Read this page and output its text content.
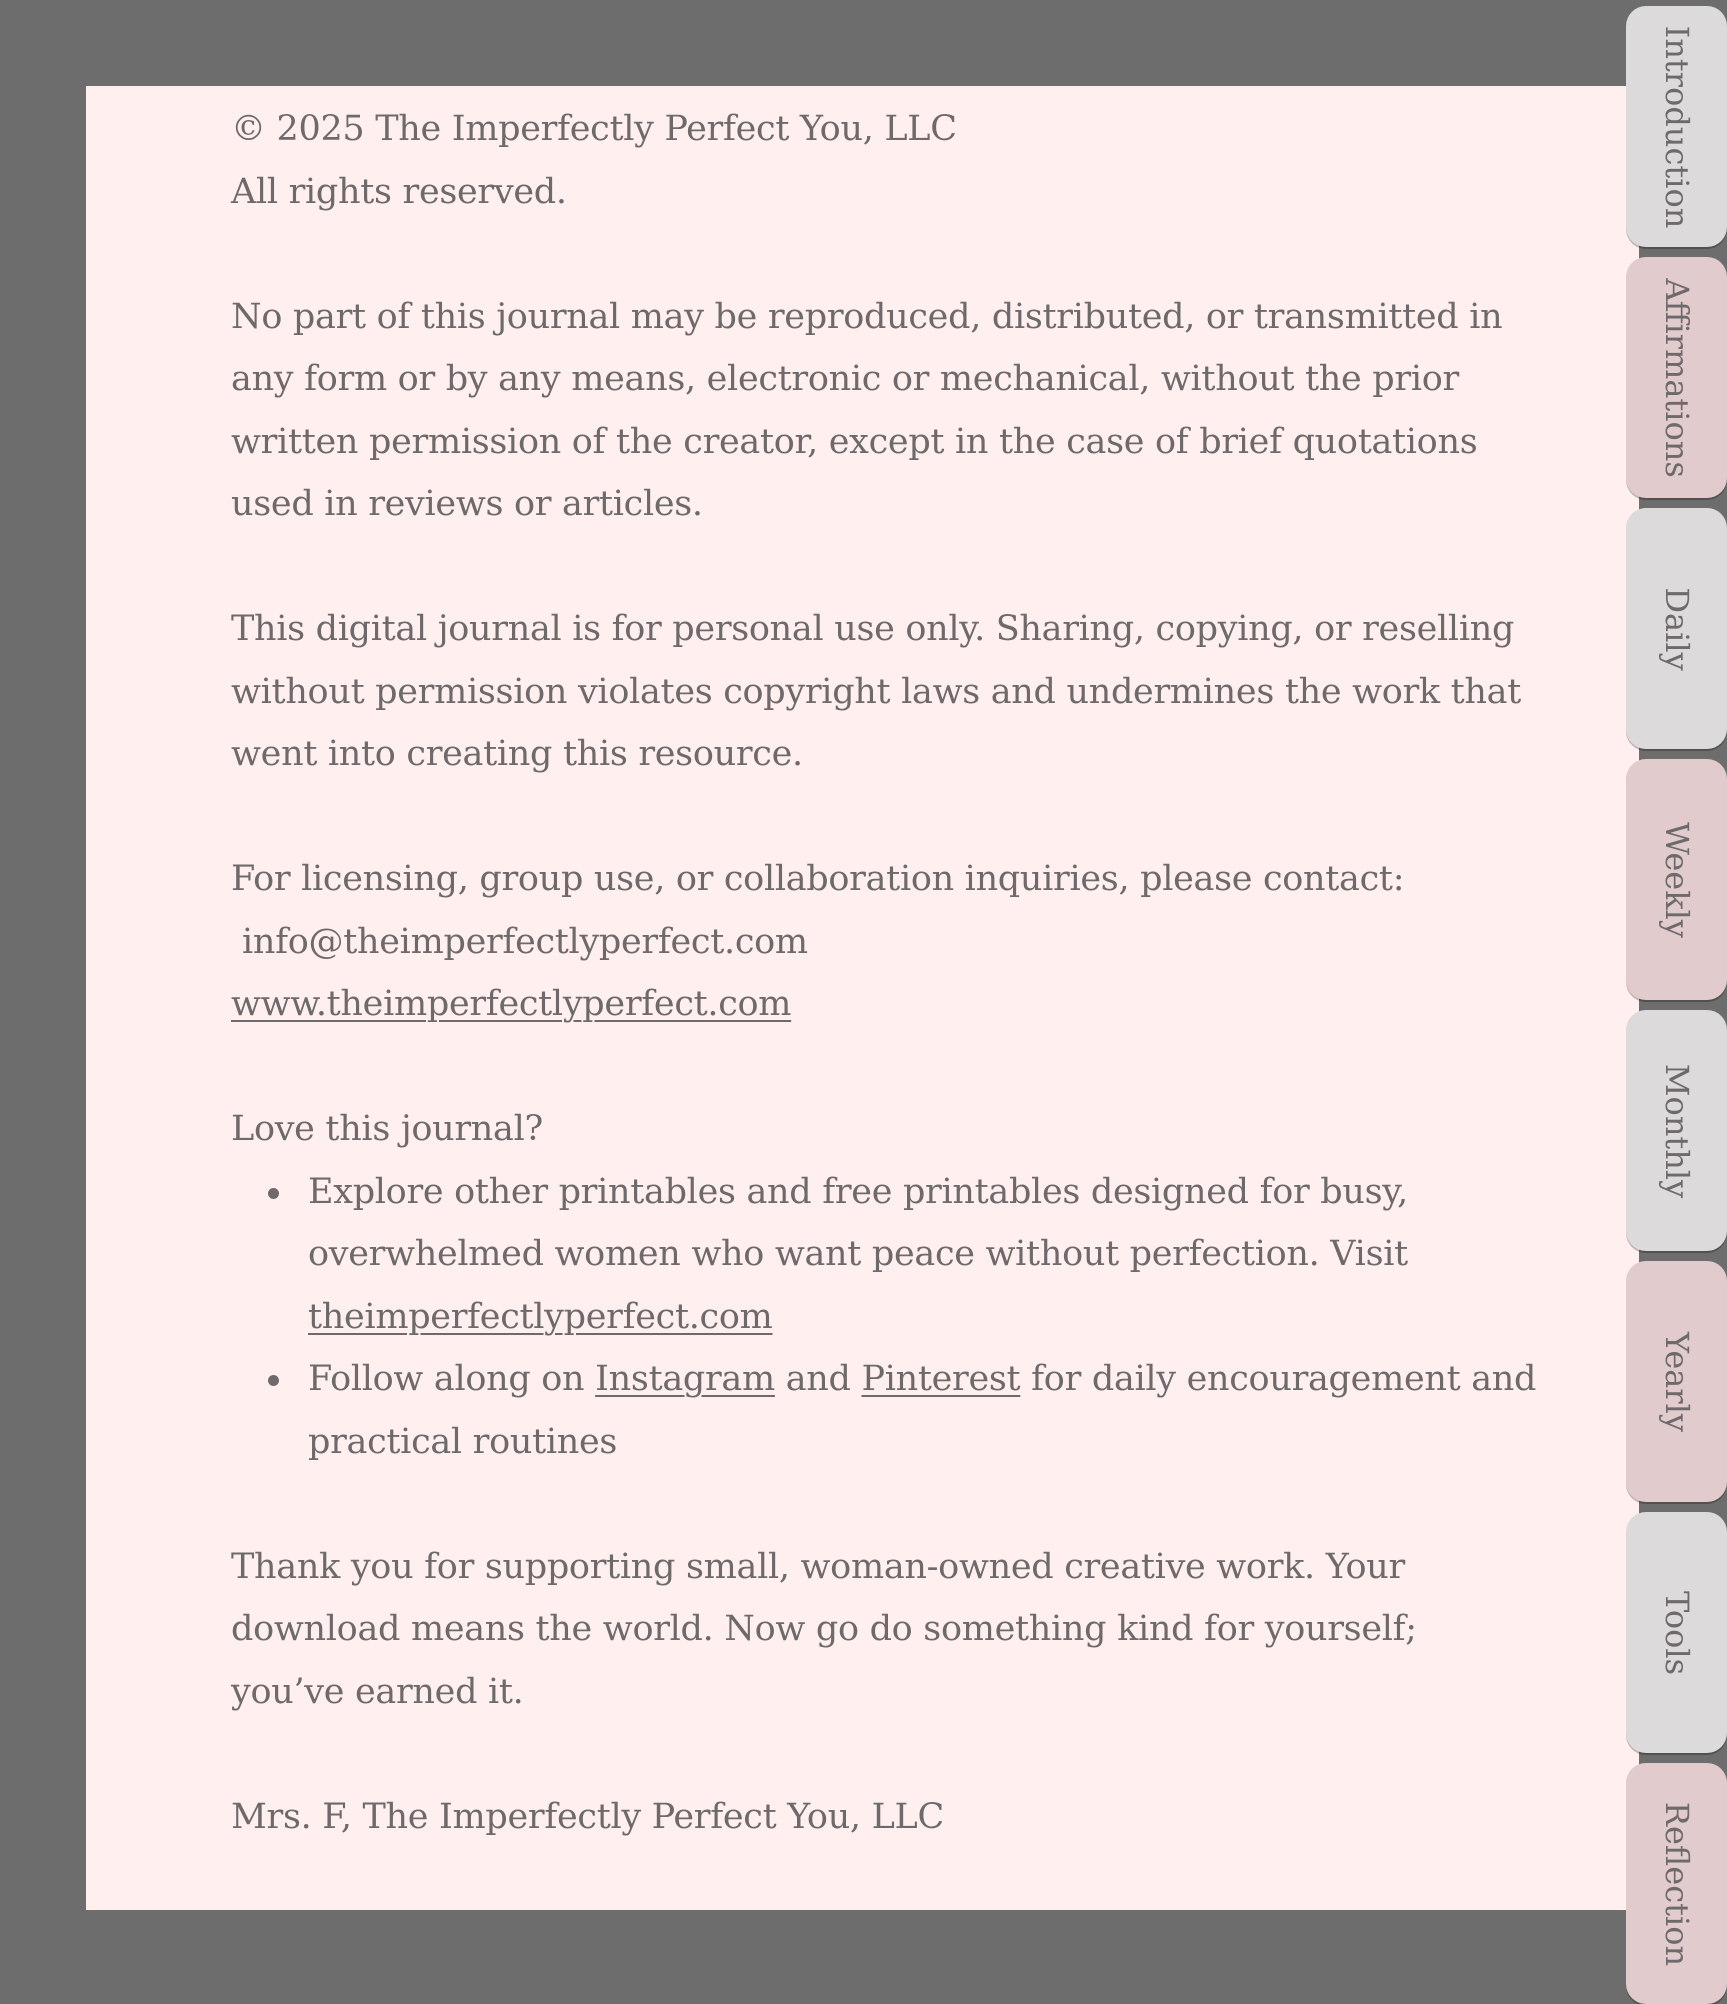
© 2025 The Imperfectly Perfect You, LLC

All rights reserved.

No part of this journal may be reproduced, distributed, or transmitted in

any form or by any means, electronic or mechanical, without the prior

written permission of the creator, except in the case of brief quotations

used in reviews or articles.

This digital journal is for personal use only. Sharing, copying, or reselling

without permission violates copyright laws and undermines the work that

went into creating this resource.

For licensing, group use, or collaboration inquiries, please contact:

info@theimperfectlyperfect.com

www.theimperfectlyperfect.com

Love this journal?

Explore other printables and free printables designed for busy,
overwhelmed women who want peace without perfection. Visit
theimperfectlyperfect.com
Follow along on Instagram and Pinterest for daily encouragement and
practical routines

Thank you for supporting small, woman-owned creative work. Your

download means the world. Now go do something kind for yourself;

you’ve earned it.

Mrs. F, The Imperfectly Perfect You, LLC

Introduction
Affirmations
Daily
Weekly
Monthly
Yearly
Tools
Reflection
